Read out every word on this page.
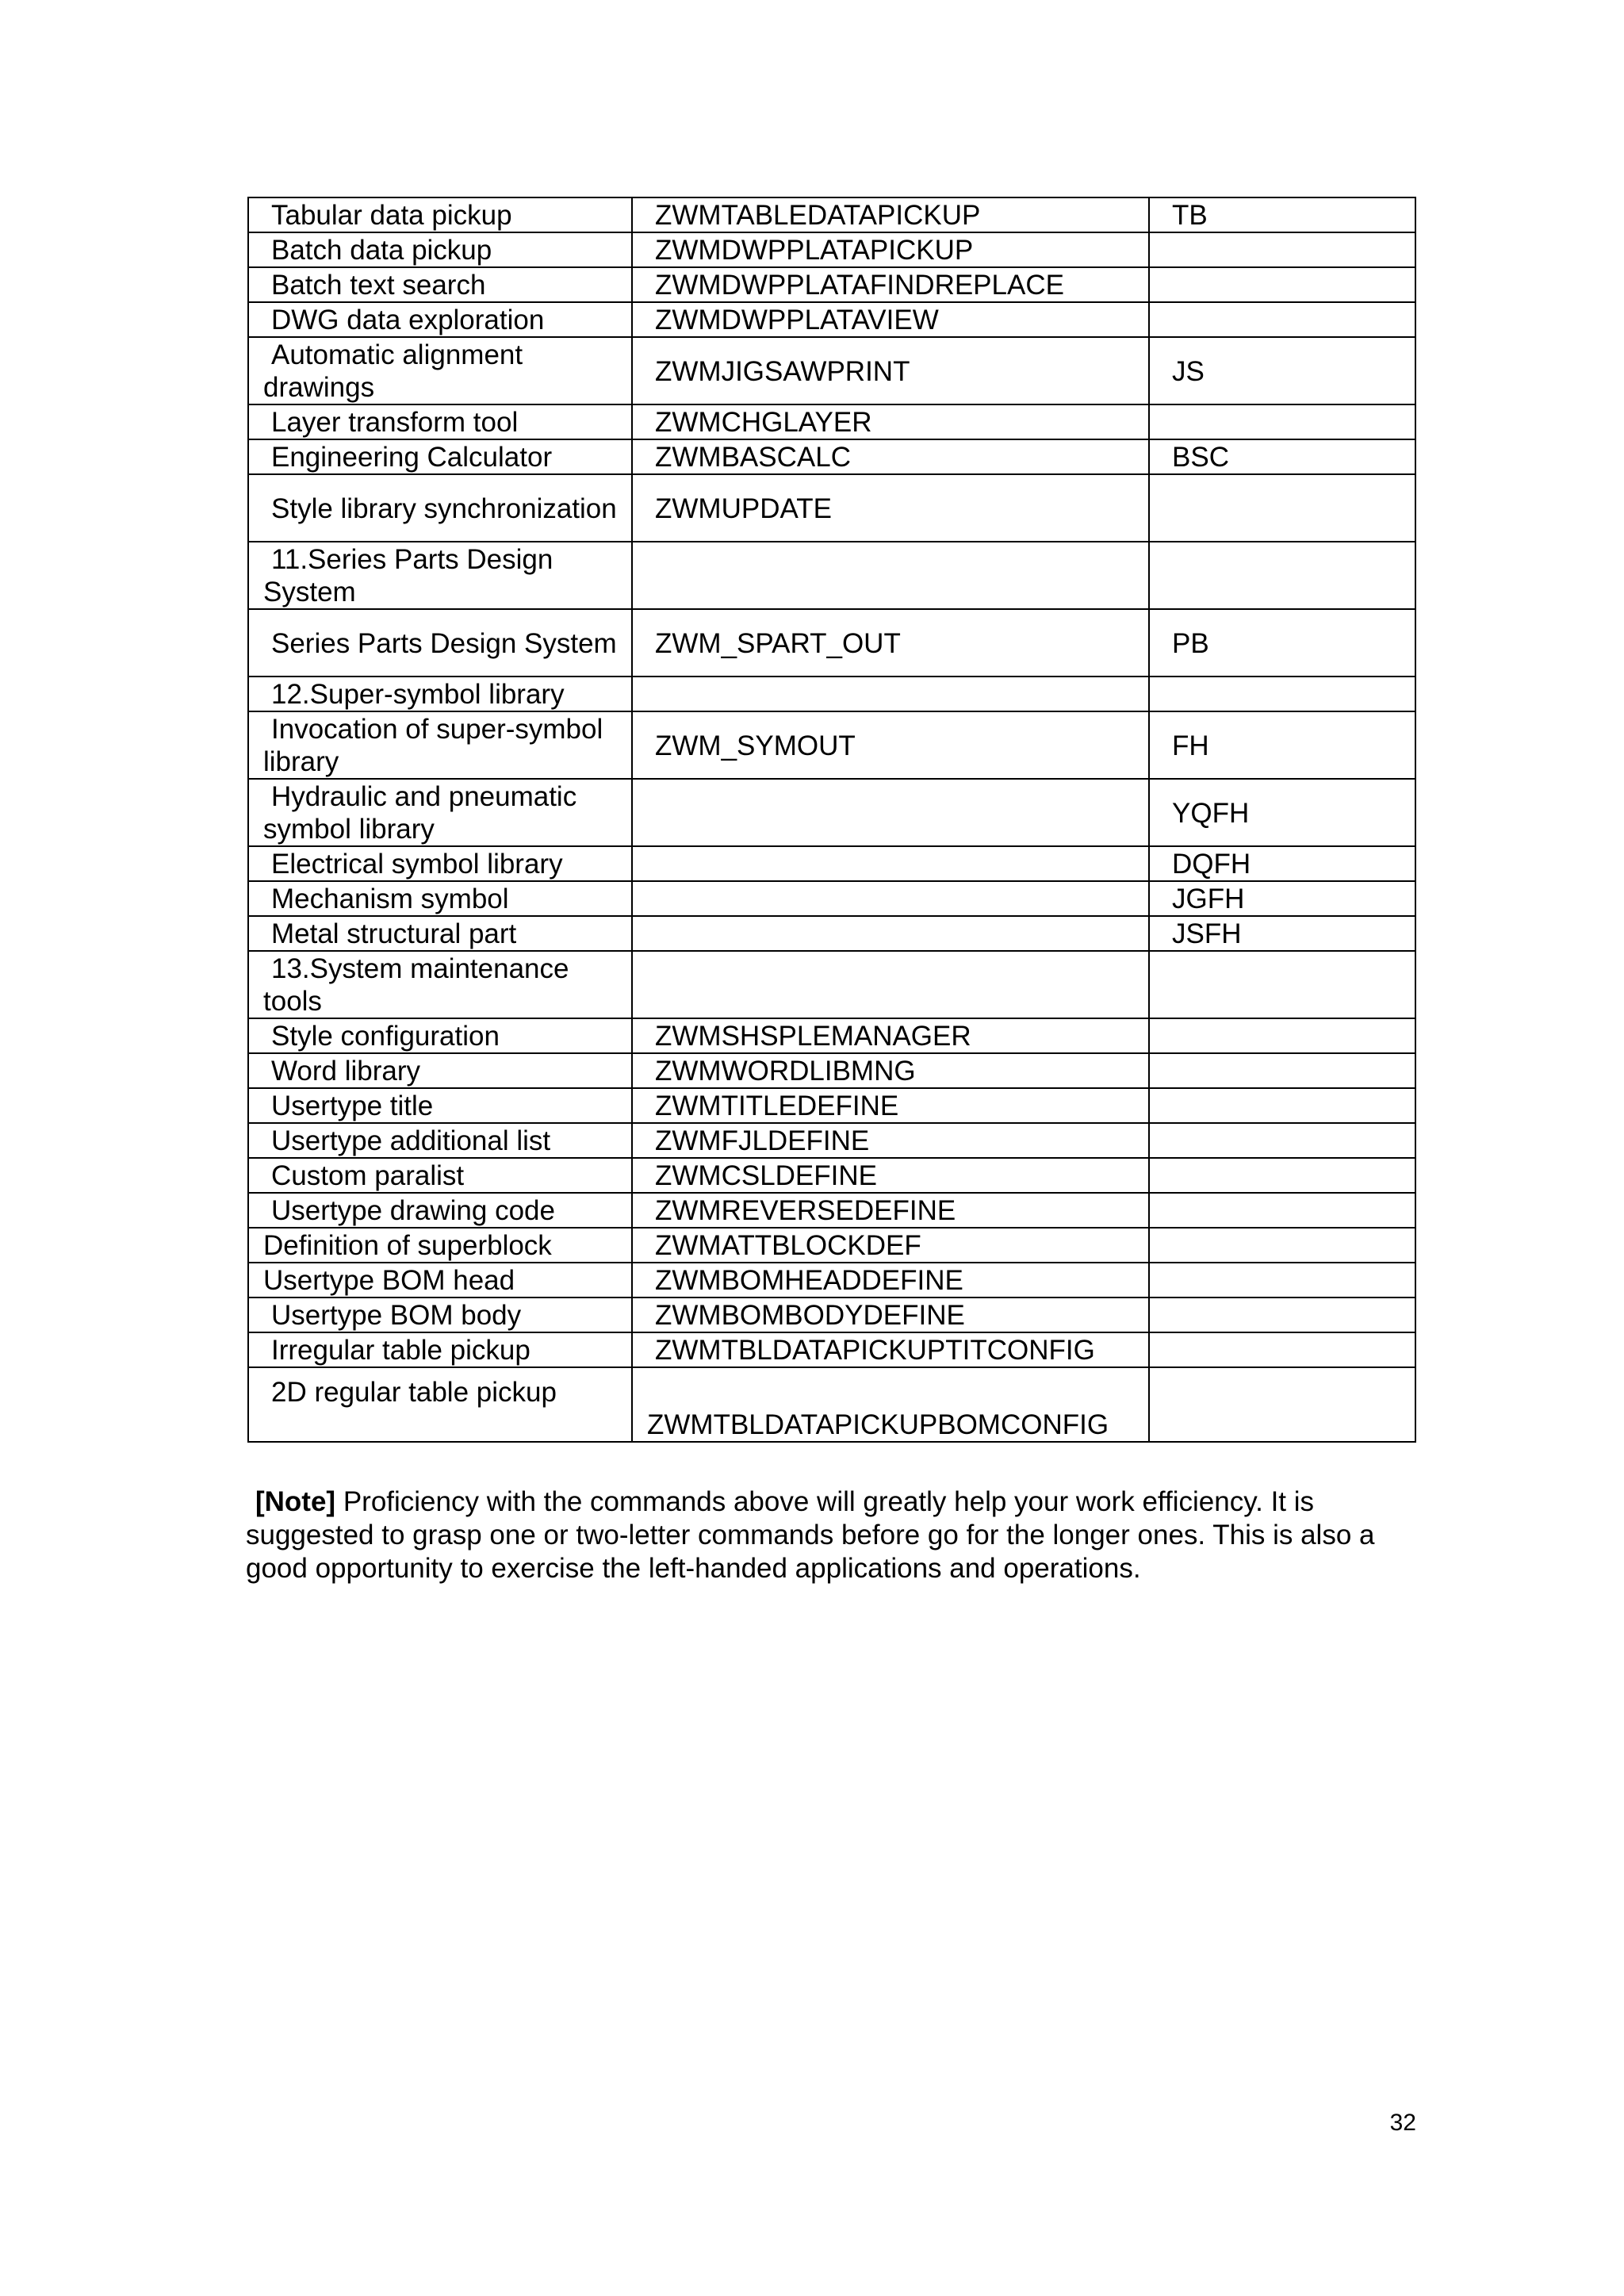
Tabular data pickup	ZWMTABLEDATAPICKUP	TB
Batch data pickup	ZWMDWPPLATAPICKUP	
Batch text search	ZWMDWPPLATAFINDREPLACE	
DWG data exploration	ZWMDWPPLATAVIEW	
Automatic alignment drawings	ZWMJIGSAWPRINT	JS
Layer transform tool	ZWMCHGLAYER	
Engineering Calculator	ZWMBASCALC	BSC
Style library synchronization	ZWMUPDATE	
11.Series Parts Design System		
Series Parts Design System	ZWM_SPART_OUT	PB
12.Super-symbol library		
Invocation of super-symbol library	ZWM_SYMOUT	FH
Hydraulic and pneumatic symbol library		YQFH
Electrical symbol library		DQFH
Mechanism symbol		JGFH
Metal structural part		JSFH
13.System maintenance tools		
Style configuration	ZWMSHSPLEMANAGER	
Word library	ZWMWORDLIBMNG	
Usertype title	ZWMTITLEDEFINE	
Usertype additional list	ZWMFJLDEFINE	
Custom paralist	ZWMCSLDEFINE	
Usertype drawing code	ZWMREVERSEDEFINE	
Definition of superblock	ZWMATTBLOCKDEF	
Usertype BOM head	ZWMBOMHEADDEFINE	
Usertype BOM body	ZWMBOMBODYDEFINE	
Irregular table pickup	ZWMTBLDATAPICKUPTITCONFIG	
2D regular table pickup	ZWMTBLDATAPICKUPBOMCONFIG	

[Note] Proficiency with the commands above will greatly help your work efficiency. It is suggested to grasp one or two-letter commands before go for the longer ones. This is also a good opportunity to exercise the left-handed applications and operations.

32
